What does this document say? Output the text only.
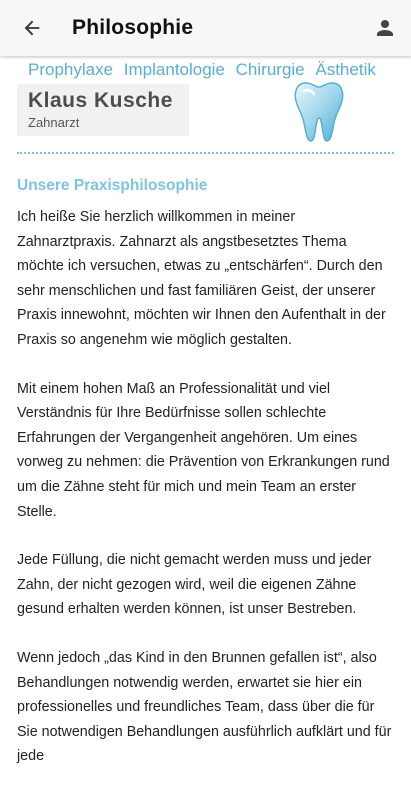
Philosophie
Prophylaxe Implantologie Chirurgie Ästhetik
Klaus Kusche
Zahnarzt
Unsere Praxisphilosophie

Ich heiße Sie herzlich willkommen in meiner Zahnarztpraxis. Zahnarzt als angstbesetztes Thema möchte ich versuchen, etwas zu „entschärfen“. Durch den sehr menschlichen und fast familiären Geist, der unserer Praxis innewohnt, möchten wir Ihnen den Aufenthalt in der Praxis so angenehm wie möglich gestalten.

Mit einem hohen Maß an Professionalität und viel Verständnis für Ihre Bedürfnisse sollen schlechte Erfahrungen der Vergangenheit angehören. Um eines vorweg zu nehmen: die Prävention von Erkrankungen rund um die Zähne steht für mich und mein Team an erster Stelle.

Jede Füllung, die nicht gemacht werden muss und jeder Zahn, der nicht gezogen wird, weil die eigenen Zähne gesund erhalten werden können, ist unser Bestreben.

Wenn jedoch „das Kind in den Brunnen gefallen ist“, also Behandlungen notwendig werden, erwartet sie hier ein professionelles und freundliches Team, dass über die für Sie notwendigen Behandlungen ausführlich aufklärt und für jede
